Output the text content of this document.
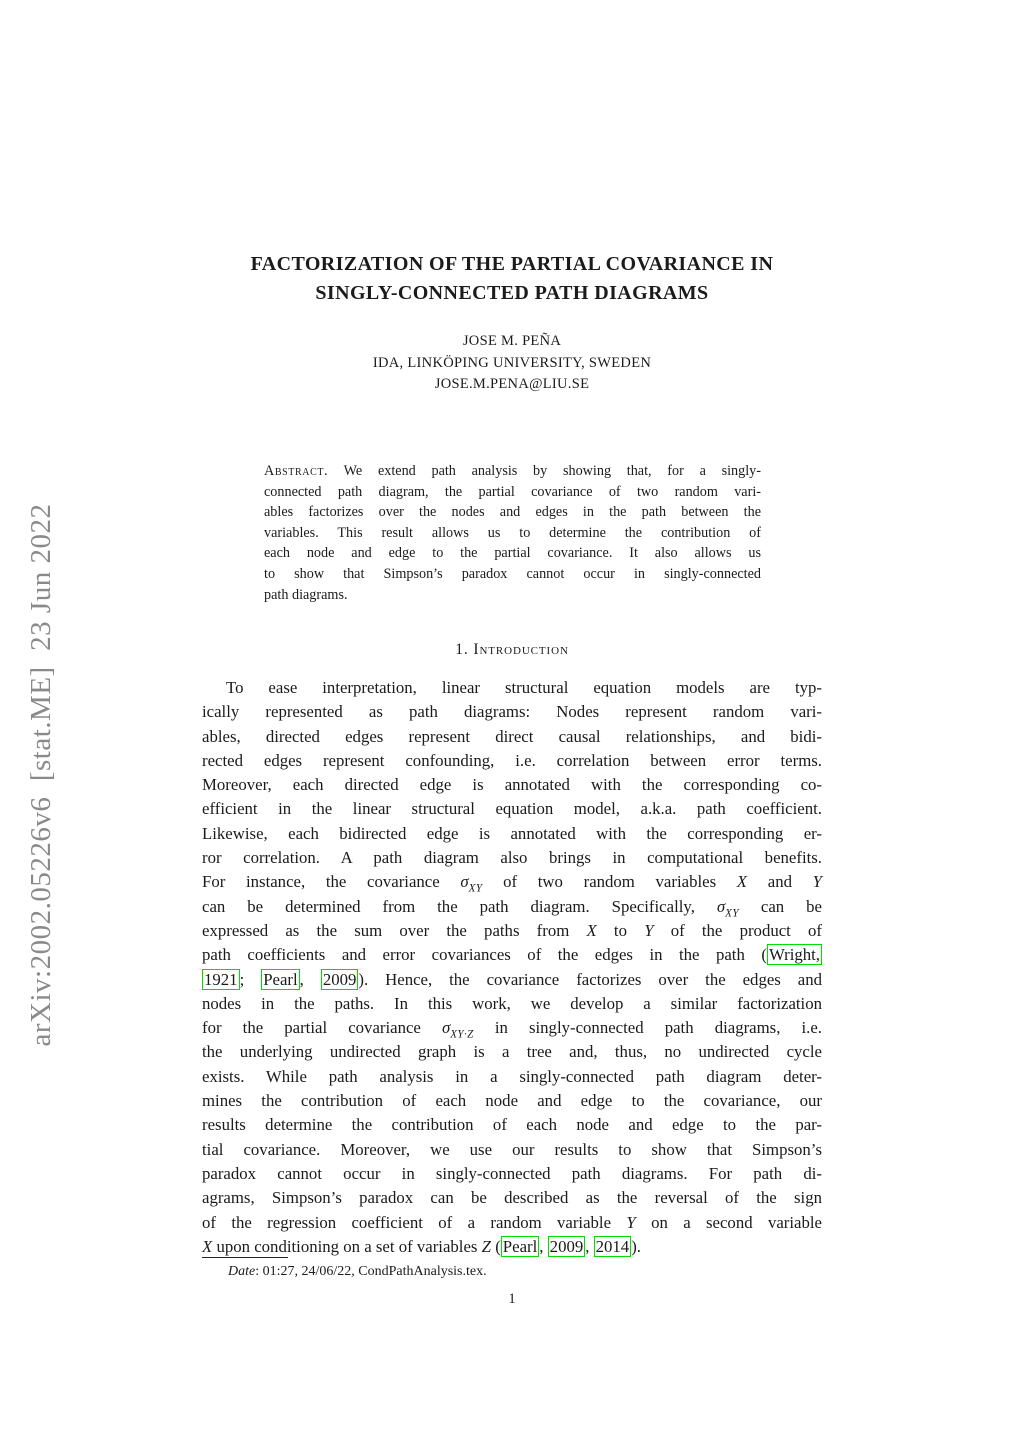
arXiv:2002.05226v6  [stat.ME]  23 Jun 2022
FACTORIZATION OF THE PARTIAL COVARIANCE IN
SINGLY-CONNECTED PATH DIAGRAMS
JOSE M. PEÑA
IDA, LINKÖPING UNIVERSITY, SWEDEN
JOSE.M.PENA@LIU.SE
Abstract. We extend path analysis by showing that, for a singly-
connected path diagram, the partial covariance of two random vari-
ables factorizes over the nodes and edges in the path between the
variables. This result allows us to determine the contribution of
each node and edge to the partial covariance. It also allows us
to show that Simpson’s paradox cannot occur in singly-connected
path diagrams.
1. Introduction
To ease interpretation, linear structural equation models are typ-
ically represented as path diagrams: Nodes represent random vari-
ables, directed edges represent direct causal relationships, and bidi-
rected edges represent confounding, i.e. correlation between error terms.
Moreover, each directed edge is annotated with the corresponding co-
efficient in the linear structural equation model, a.k.a. path coefficient.
Likewise, each bidirected edge is annotated with the corresponding er-
ror correlation. A path diagram also brings in computational benefits.
For instance, the covariance $\sigma_{XY}$ of two random variables X and Y
can be determined from the path diagram. Specifically, $\sigma_{XY}$ can be
expressed as the sum over the paths from X to Y of the product of
path coefficients and error covariances of the edges in the path ( Wright,
1921 ; Pearl , 2009 ). Hence, the covariance factorizes over the edges and
nodes in the paths. In this work, we develop a similar factorization
for the partial covariance $\sigma_{XY\cdot Z}$ in singly-connected path diagrams, i.e.
the underlying undirected graph is a tree and, thus, no undirected cycle
exists. While path analysis in a singly-connected path diagram deter-
mines the contribution of each node and edge to the covariance, our
results determine the contribution of each node and edge to the par-
tial covariance. Moreover, we use our results to show that Simpson’s
paradox cannot occur in singly-connected path diagrams. For path di-
agrams, Simpson’s paradox can be described as the reversal of the sign
of the regression coefficient of a random variable Y on a second variable
X upon conditioning on a set of variables Z ( Pearl , 2009 , 2014 ).
Date: 01:27, 24/06/22, CondPathAnalysis.tex.
1
